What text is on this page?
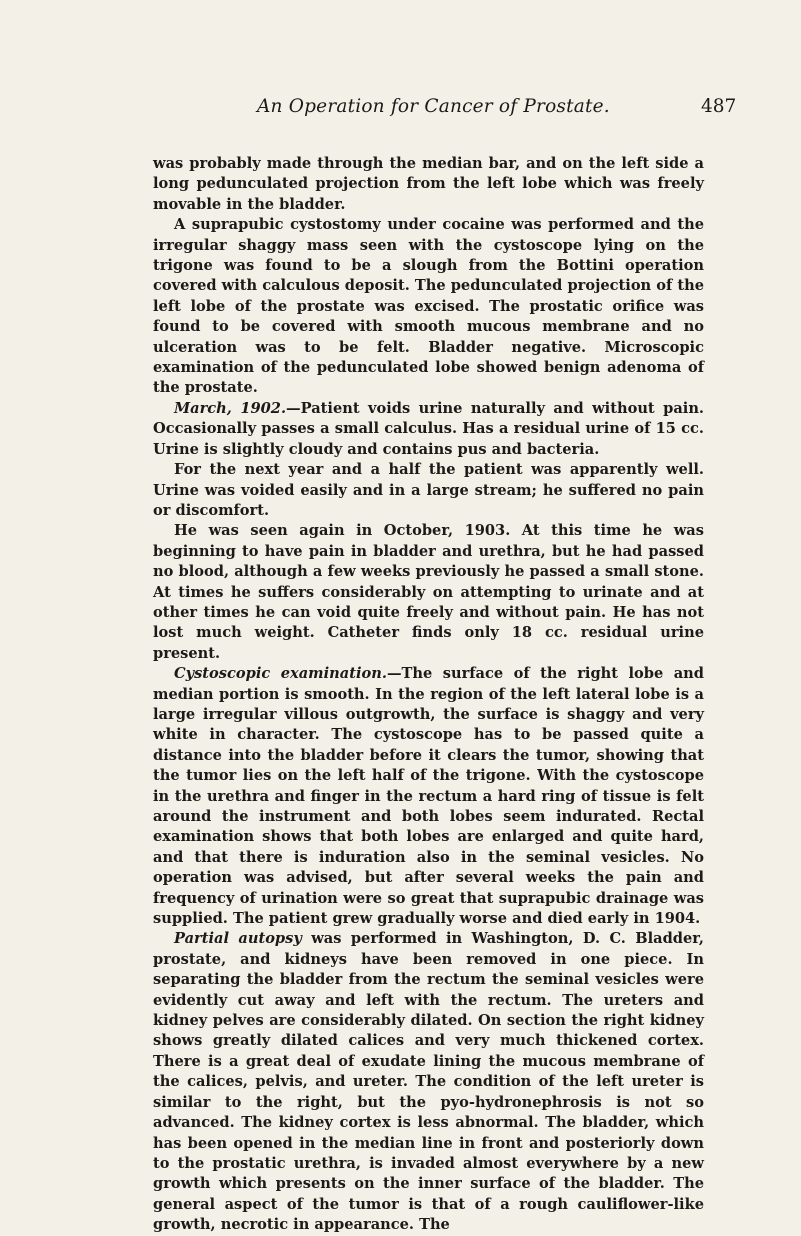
An Operation for Cancer of Prostate.	487

was probably made through the median bar, and on the left side a long pedunculated projection from the left lobe which was freely movable in the bladder.

A suprapubic cystostomy under cocaine was performed and the irregular shaggy mass seen with the cystoscope lying on the trigone was found to be a slough from the Bottini operation covered with calculous deposit. The pedunculated projection of the left lobe of the prostate was excised. The prostatic orifice was found to be covered with smooth mucous membrane and no ulceration was to be felt. Bladder negative. Microscopic examination of the pedunculated lobe showed benign adenoma of the prostate.

March, 1902.—Patient voids urine naturally and without pain. Occasionally passes a small calculus. Has a residual urine of 15 cc. Urine is slightly cloudy and contains pus and bacteria.

For the next year and a half the patient was apparently well. Urine was voided easily and in a large stream; he suffered no pain or discomfort.

He was seen again in October, 1903. At this time he was beginning to have pain in bladder and urethra, but he had passed no blood, although a few weeks previously he passed a small stone. At times he suffers considerably on attempting to urinate and at other times he can void quite freely and without pain. He has not lost much weight. Catheter finds only 18 cc. residual urine present.

Cystoscopic examination.—The surface of the right lobe and median portion is smooth. In the region of the left lateral lobe is a large irregular villous outgrowth, the surface is shaggy and very white in character. The cystoscope has to be passed quite a distance into the bladder before it clears the tumor, showing that the tumor lies on the left half of the trigone. With the cystoscope in the urethra and finger in the rectum a hard ring of tissue is felt around the instrument and both lobes seem indurated. Rectal examination shows that both lobes are enlarged and quite hard, and that there is induration also in the seminal vesicles. No operation was advised, but after several weeks the pain and frequency of urination were so great that suprapubic drainage was supplied. The patient grew gradually worse and died early in 1904.

Partial autopsy was performed in Washington, D. C. Bladder, prostate, and kidneys have been removed in one piece. In separating the bladder from the rectum the seminal vesicles were evidently cut away and left with the rectum. The ureters and kidney pelves are considerably dilated. On section the right kidney shows greatly dilated calices and very much thickened cortex. There is a great deal of exudate lining the mucous membrane of the calices, pelvis, and ureter. The condition of the left ureter is similar to the right, but the pyo-hydronephrosis is not so advanced. The kidney cortex is less abnormal. The bladder, which has been opened in the median line in front and posteriorly down to the prostatic urethra, is invaded almost everywhere by a new growth which presents on the inner surface of the bladder. The general aspect of the tumor is that of a rough cauliflower-like growth, necrotic in appearance. The
